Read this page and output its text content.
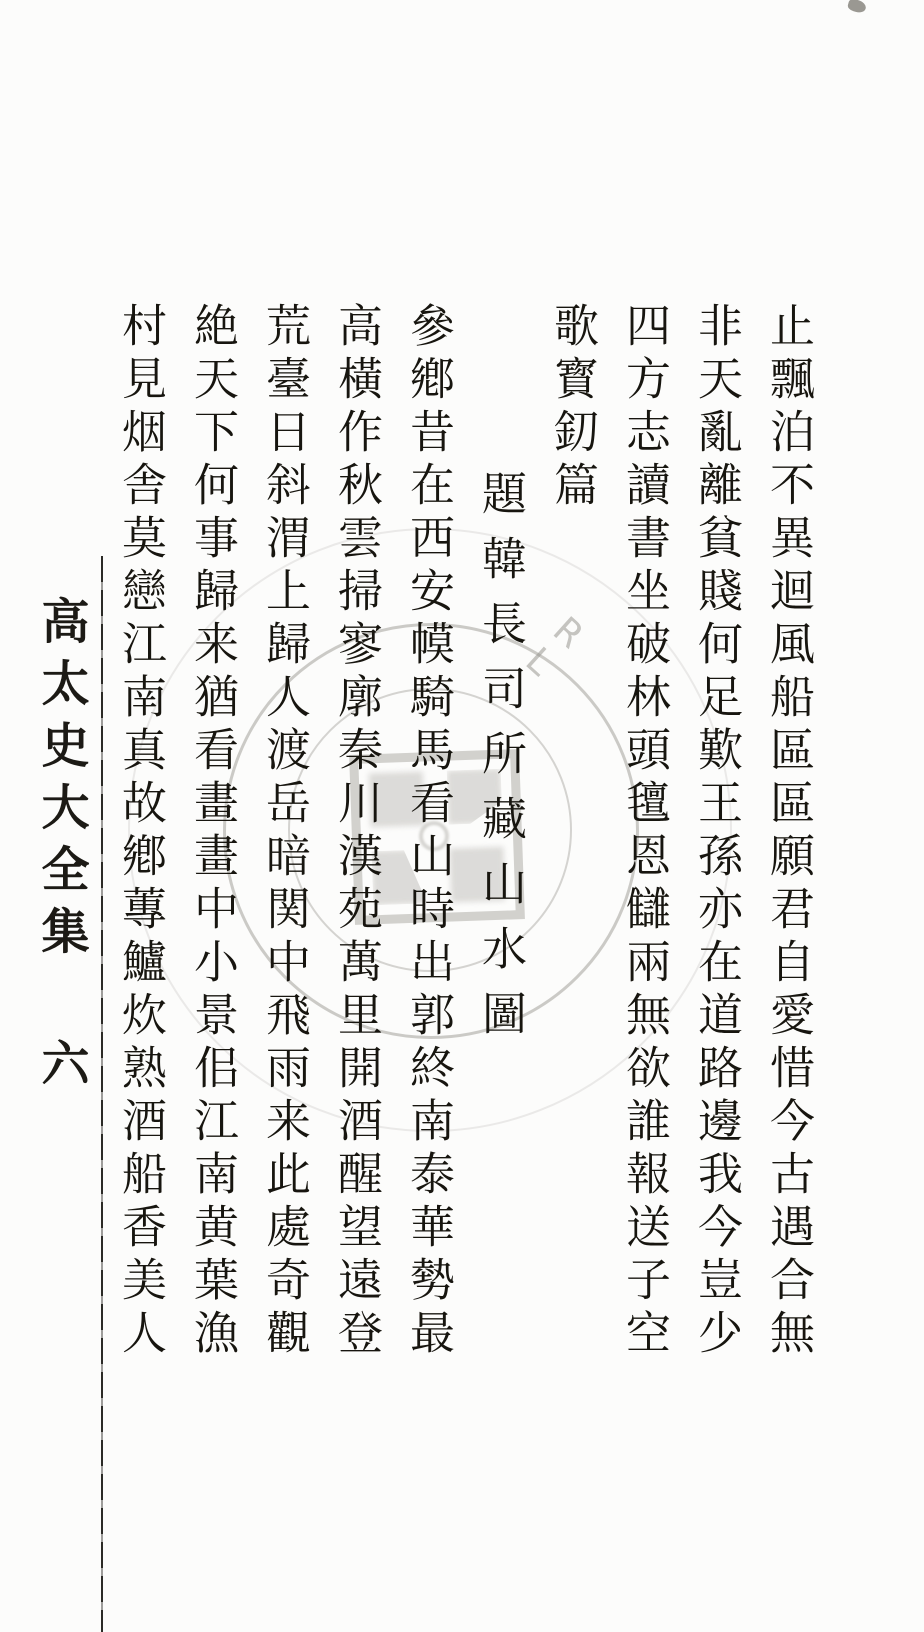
R L	止飄泊不異迴風船區區願君自愛惜今古遇合無
非天亂離貧賤何足歎王孫亦在道路邊我今豈少
四方志讀書坐破林頭氊恩讎兩無欲誰報送子空
歌寳釖篇
題韓長司所藏山水圖
參鄕昔在西安幙騎馬看山時出郭終南泰華勢最
高橫作秋雲掃寥廓秦川漢苑萬里開酒醒望遠登
荒臺日斜渭上歸人渡岳暗関中飛雨来此處奇觀
絶天下何事歸来猶看畫畫中小景佀江南黄葉漁
村見烟舎莫戀江南真故鄕蓴鱸炊熟酒船香美人
高太史大全集
六
